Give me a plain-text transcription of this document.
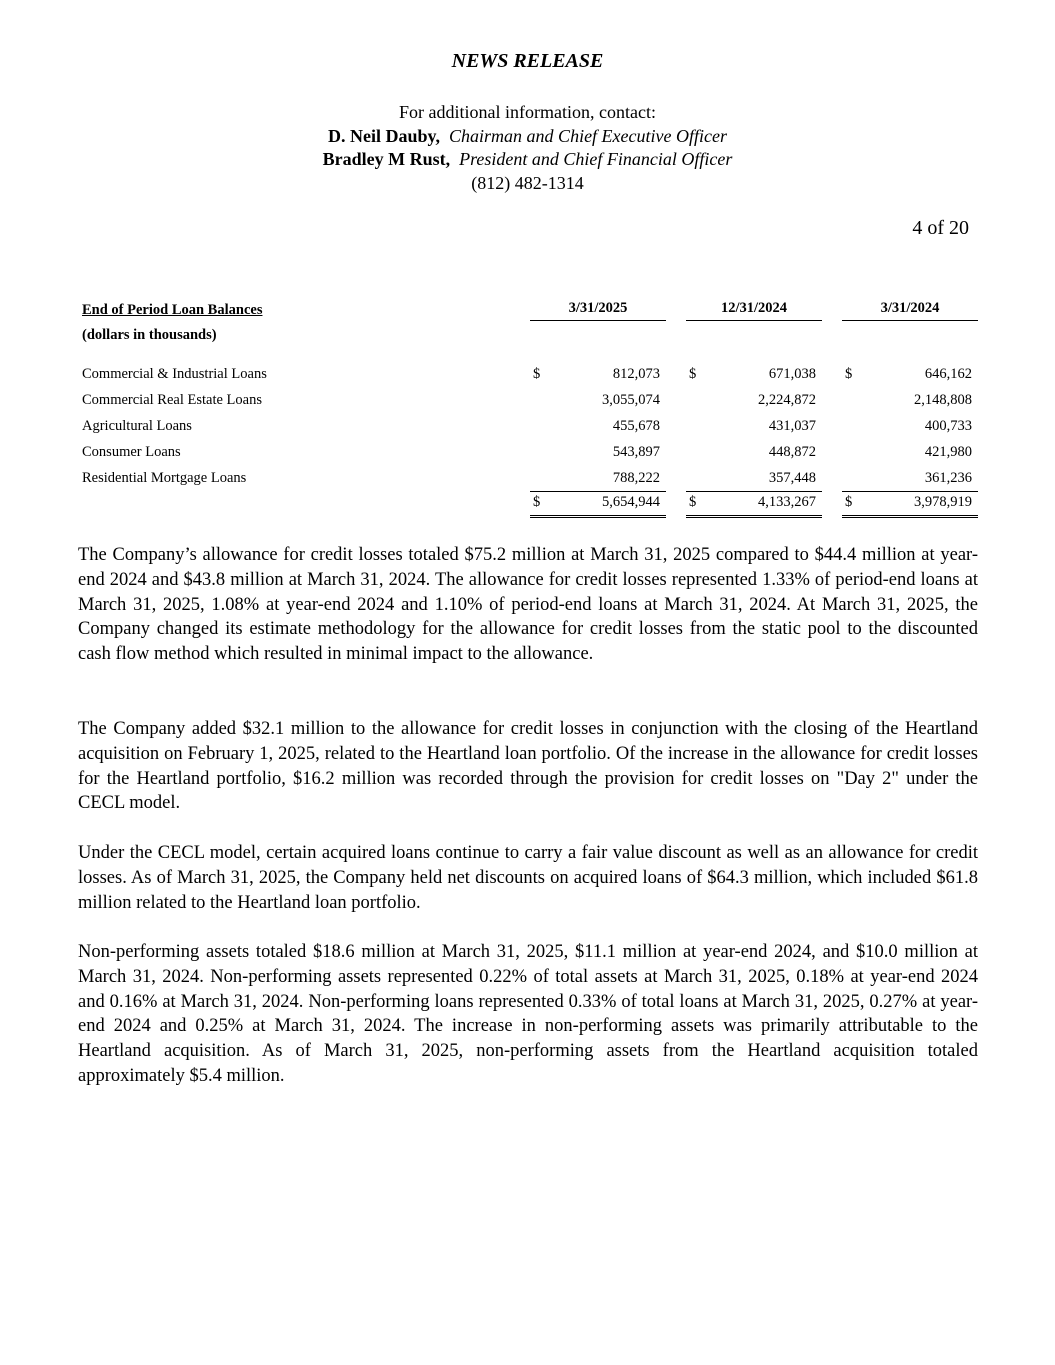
NEWS RELEASE
For additional information, contact:
D. Neil Dauby, Chairman and Chief Executive Officer
Bradley M Rust, President and Chief Financial Officer
(812) 482-1314
4 of 20
End of Period Loan Balances	3/31/2025	12/31/2024	3/31/2024
(dollars in thousands)
Commercial & Industrial Loans	$	812,073 $	671,038 $	646,162
Commercial Real Estate Loans	3,055,074	2,224,872	2,148,808
Agricultural Loans	455,678	431,037	400,733
Consumer Loans	543,897	448,872	421,980
Residential Mortgage Loans	788,222	357,448	361,236
$	5,654,944 $	4,133,267 $	3,978,919

The Company’s allowance for credit losses totaled $75.2 million at March 31, 2025 compared to $44.4 million at year-end 2024 and $43.8 million at March 31, 2024. The allowance for credit losses represented 1.33% of period-end loans at March 31, 2025, 1.08% at year-end 2024 and 1.10% of period-end loans at March 31, 2024. At March 31, 2025, the Company changed its estimate methodology for the allowance for credit losses from the static pool to the discounted cash flow method which resulted in minimal impact to the allowance.

The Company added $32.1 million to the allowance for credit losses in conjunction with the closing of the Heartland acquisition on February 1, 2025, related to the Heartland loan portfolio. Of the increase in the allowance for credit losses for the Heartland portfolio, $16.2 million was recorded through the provision for credit losses on "Day 2" under the CECL model.

Under the CECL model, certain acquired loans continue to carry a fair value discount as well as an allowance for credit losses. As of March 31, 2025, the Company held net discounts on acquired loans of $64.3 million, which included $61.8 million related to the Heartland loan portfolio.

Non-performing assets totaled $18.6 million at March 31, 2025, $11.1 million at year-end 2024, and $10.0 million at March 31, 2024. Non-performing assets represented 0.22% of total assets at March 31, 2025, 0.18% at year-end 2024 and 0.16% at March 31, 2024. Non-performing loans represented 0.33% of total loans at March 31, 2025, 0.27% at year-end 2024 and 0.25% at March 31, 2024. The increase in non-performing assets was primarily attributable to the Heartland acquisition. As of March 31, 2025, non-performing assets from the Heartland acquisition totaled approximately $5.4 million.
